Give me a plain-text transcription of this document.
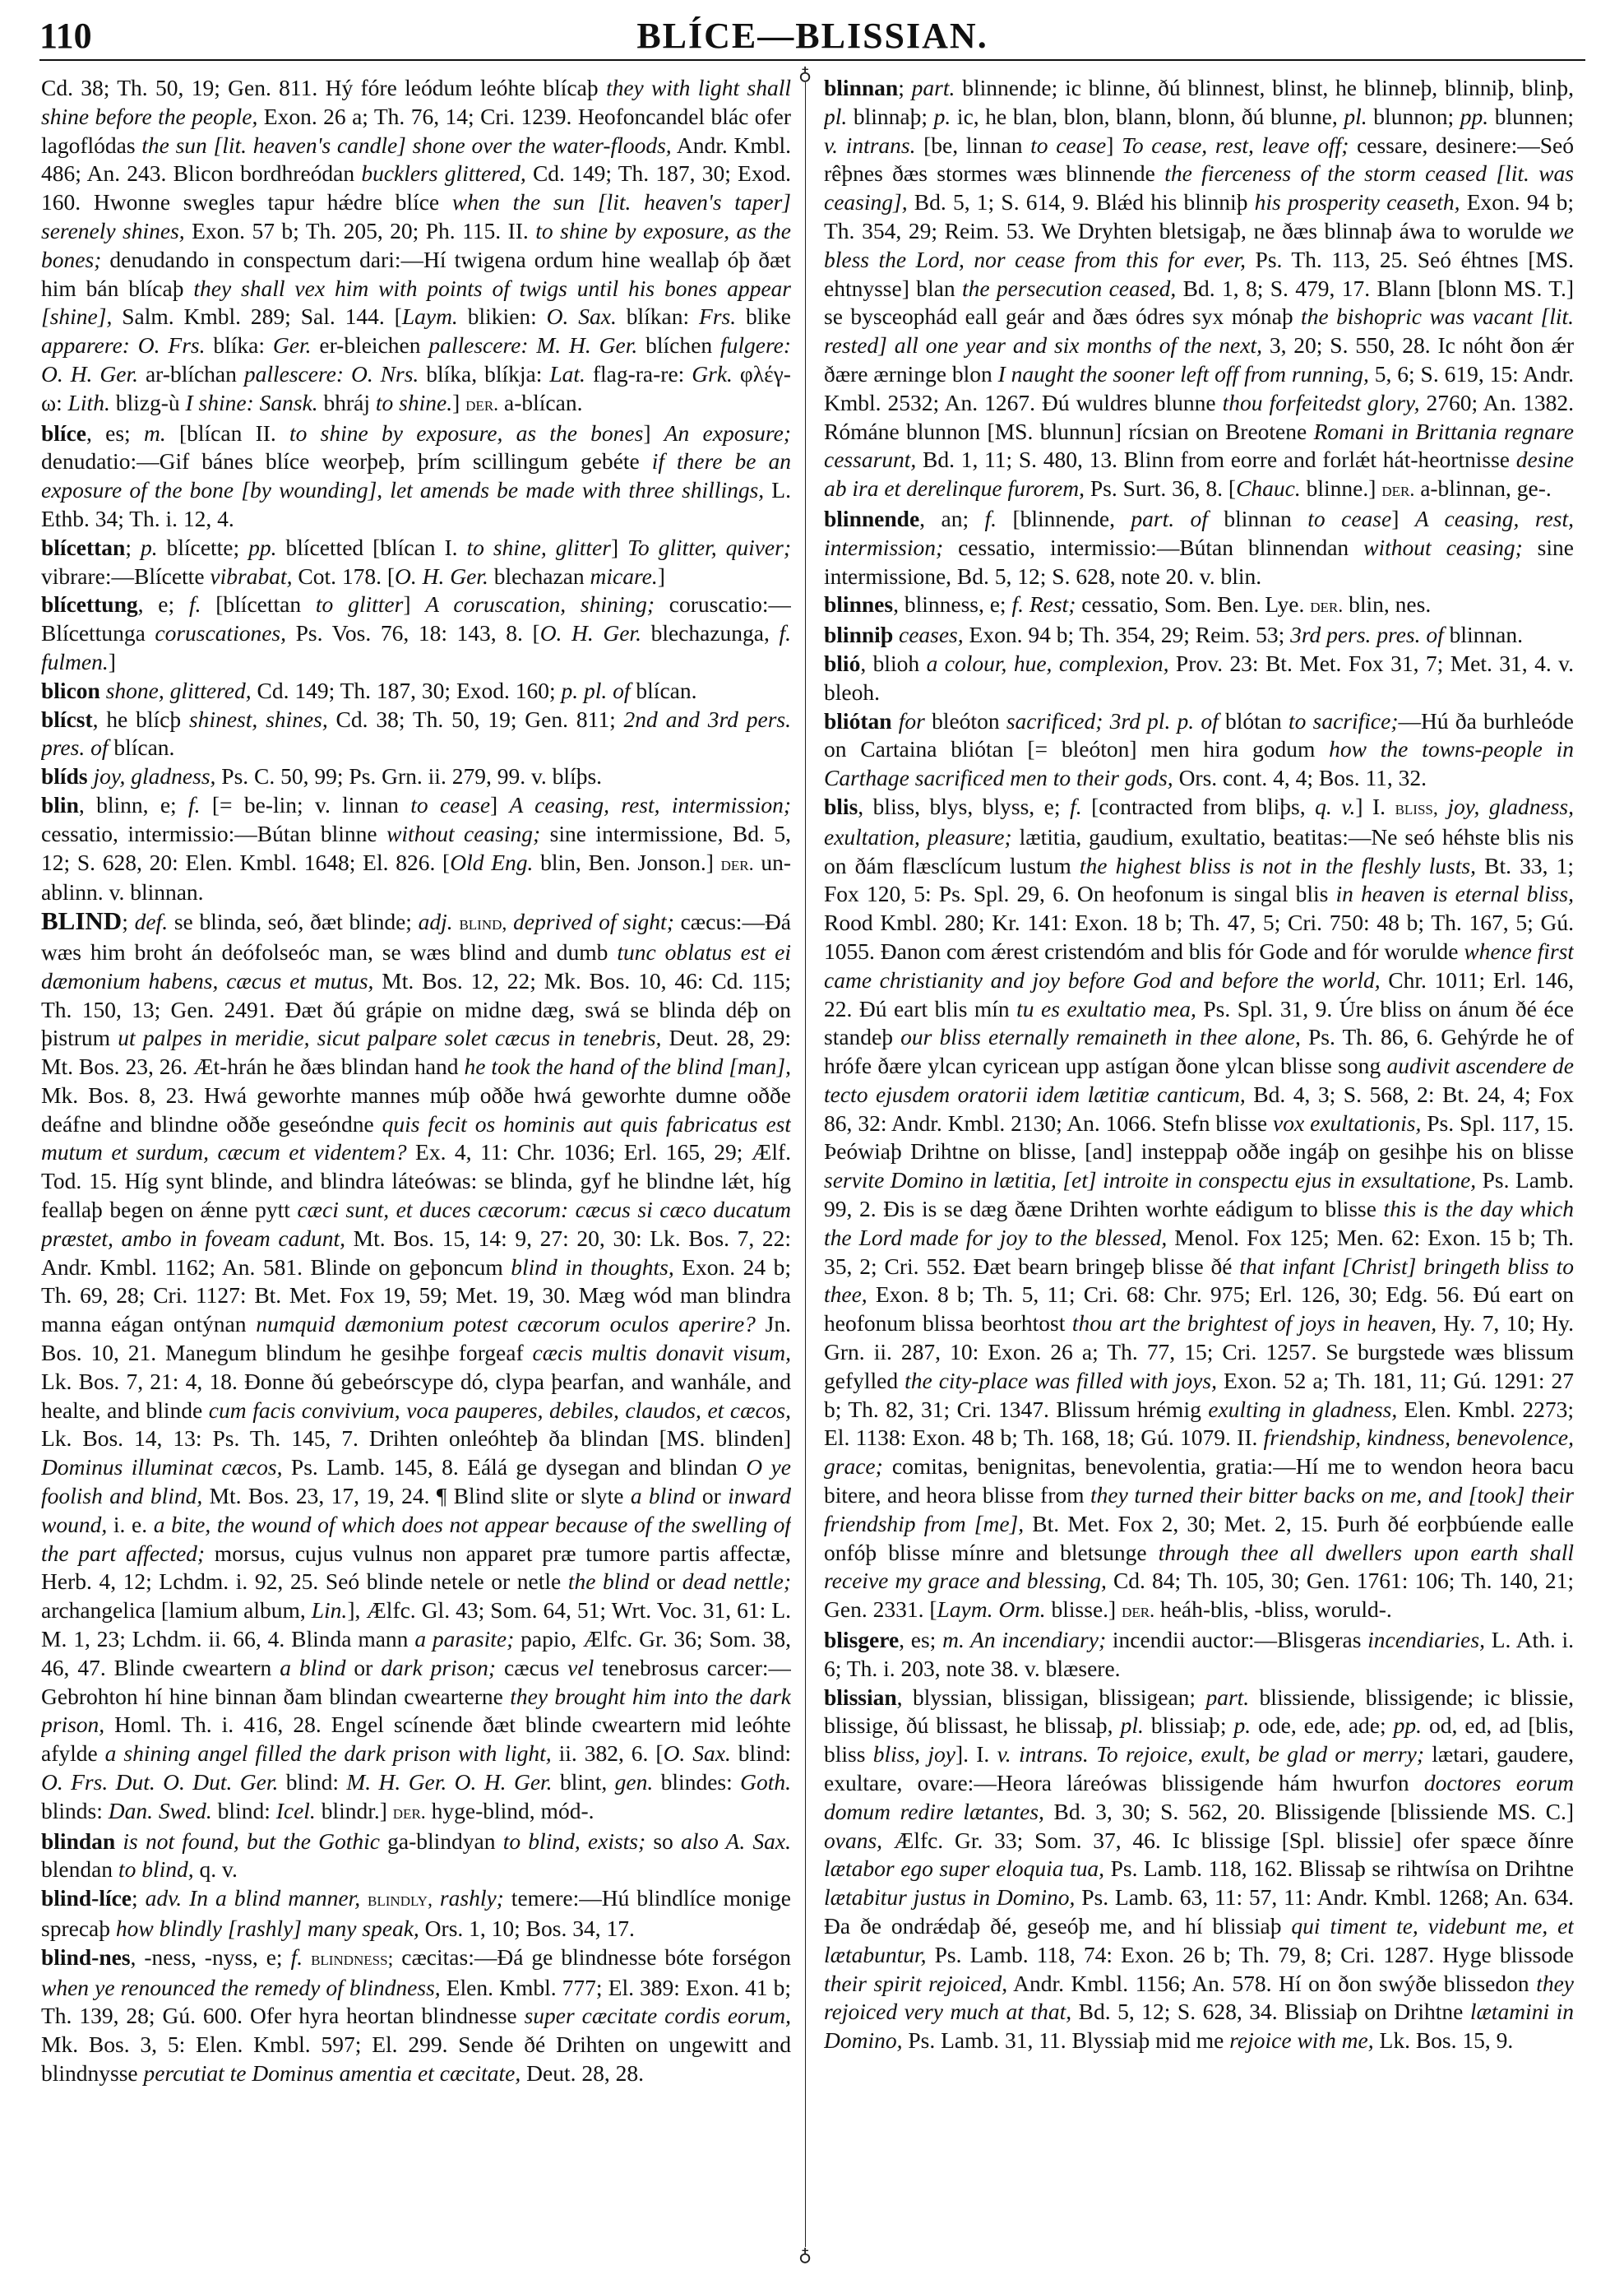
110	BLÍCE—BLISSIAN.
♁
♁

Cd. 38; Th. 50, 19; Gen. 811. Hý fóre leódum leóhte blícaþ they with light shall shine before the people, Exon. 26 a; Th. 76, 14; Cri. 1239. Heofoncandel blác ofer lagoflódas the sun [lit. heaven's candle] shone over the water-floods, Andr. Kmbl. 486; An. 243. Blicon bordhreódan bucklers glittered, Cd. 149; Th. 187, 30; Exod. 160. Hwonne swegles tapur hǽdre blíce when the sun [lit. heaven's taper] serenely shines, Exon. 57 b; Th. 205, 20; Ph. 115. II. to shine by exposure, as the bones; denudando in conspectum dari:—Hí twigena ordum hine weallaþ óþ ðæt him bán blícaþ they shall vex him with points of twigs until his bones appear [shine], Salm. Kmbl. 289; Sal. 144. [Laym. blikien: O. Sax. blíkan: Frs. blike apparere: O. Frs. blíka: Ger. er-bleichen pallescere: M. H. Ger. blíchen fulgere: O. H. Ger. ar-blíchan pallescere: O. Nrs. blíka, blíkja: Lat. flag-ra-re: Grk. φλέγ-ω: Lith. blizg-ù I shine: Sansk. bhráj to shine.] der. a-blícan.

blíce, es; m. [blícan II. to shine by exposure, as the bones] An exposure; denudatio:—Gif bánes blíce weorþeþ, þrím scillingum gebéte if there be an exposure of the bone [by wounding], let amends be made with three shillings, L. Ethb. 34; Th. i. 12, 4.

blícettan; p. blícette; pp. blícetted [blícan I. to shine, glitter] To glitter, quiver; vibrare:—Blícette vibrabat, Cot. 178. [O. H. Ger. blechazan micare.]

blícettung, e; f. [blícettan to glitter] A coruscation, shining; coruscatio:—Blícettunga coruscationes, Ps. Vos. 76, 18: 143, 8. [O. H. Ger. blechazunga, f. fulmen.]

blicon shone, glittered, Cd. 149; Th. 187, 30; Exod. 160; p. pl. of blícan.

blícst, he blícþ shinest, shines, Cd. 38; Th. 50, 19; Gen. 811; 2nd and 3rd pers. pres. of blícan.

blíds joy, gladness, Ps. C. 50, 99; Ps. Grn. ii. 279, 99. v. blíþs.

blin, blinn, e; f. [= be-lin; v. linnan to cease] A ceasing, rest, intermission; cessatio, intermissio:—Bútan blinne without ceasing; sine intermissione, Bd. 5, 12; S. 628, 20: Elen. Kmbl. 1648; El. 826. [Old Eng. blin, Ben. Jonson.] der. un-ablinn. v. blinnan.

BLIND; def. se blinda, seó, ðæt blinde; adj. blind, deprived of sight; cæcus:—Ðá wæs him broht án deófolseóc man, se wæs blind and dumb tunc oblatus est ei dæmonium habens, cæcus et mutus, Mt. Bos. 12, 22; Mk. Bos. 10, 46: Cd. 115; Th. 150, 13; Gen. 2491. Ðæt ðú grápie on midne dæg, swá se blinda déþ on þistrum ut palpes in meridie, sicut palpare solet cæcus in tenebris, Deut. 28, 29: Mt. Bos. 23, 26. Æt-hrán he ðæs blindan hand he took the hand of the blind [man], Mk. Bos. 8, 23. Hwá geworhte mannes múþ oððe hwá geworhte dumne oððe deáfne and blindne oððe geseóndne quis fecit os hominis aut quis fabricatus est mutum et surdum, cæcum et videntem? Ex. 4, 11: Chr. 1036; Erl. 165, 29; Ælf. Tod. 15. Híg synt blinde, and blindra láteówas: se blinda, gyf he blindne lǽt, híg feallaþ begen on ǽnne pytt cæci sunt, et duces cæcorum: cæcus si cæco ducatum præstet, ambo in foveam cadunt, Mt. Bos. 15, 14: 9, 27: 20, 30: Lk. Bos. 7, 22: Andr. Kmbl. 1162; An. 581. Blinde on geþoncum blind in thoughts, Exon. 24 b; Th. 69, 28; Cri. 1127: Bt. Met. Fox 19, 59; Met. 19, 30. Mæg wód man blindra manna eágan ontýnan numquid dæmonium potest cæcorum oculos aperire? Jn. Bos. 10, 21. Manegum blindum he gesihþe forgeaf cæcis multis donavit visum, Lk. Bos. 7, 21: 4, 18. Ðonne ðú gebeórscype dó, clypa þearfan, and wanhále, and healte, and blinde cum facis convivium, voca pauperes, debiles, claudos, et cæcos, Lk. Bos. 14, 13: Ps. Th. 145, 7. Drihten onleóhteþ ða blindan [MS. blinden] Dominus illuminat cæcos, Ps. Lamb. 145, 8. Eálá ge dysegan and blindan O ye foolish and blind, Mt. Bos. 23, 17, 19, 24. ¶ Blind slite or slyte a blind or inward wound, i. e. a bite, the wound of which does not appear because of the swelling of the part affected; morsus, cujus vulnus non apparet præ tumore partis affectæ, Herb. 4, 12; Lchdm. i. 92, 25. Seó blinde netele or netle the blind or dead nettle; archangelica [lamium album, Lin.], Ælfc. Gl. 43; Som. 64, 51; Wrt. Voc. 31, 61: L. M. 1, 23; Lchdm. ii. 66, 4. Blinda mann a parasite; papio, Ælfc. Gr. 36; Som. 38, 46, 47. Blinde cweartern a blind or dark prison; cæcus vel tenebrosus carcer:—Gebrohton hí hine binnan ðam blindan cwearterne they brought him into the dark prison, Homl. Th. i. 416, 28. Engel scínende ðæt blinde cweartern mid leóhte afylde a shining angel filled the dark prison with light, ii. 382, 6. [O. Sax. blind: O. Frs. Dut. O. Dut. Ger. blind: M. H. Ger. O. H. Ger. blint, gen. blindes: Goth. blinds: Dan. Swed. blind: Icel. blindr.] der. hyge-blind, mód-.

blindan is not found, but the Gothic ga-blindyan to blind, exists; so also A. Sax. blendan to blind, q. v.

blind-líce; adv. In a blind manner, blindly, rashly; temere:—Hú blindlíce monige sprecaþ how blindly [rashly] many speak, Ors. 1, 10; Bos. 34, 17.

blind-nes, -ness, -nyss, e; f. blindness; cæcitas:—Ðá ge blindnesse bóte forségon when ye renounced the remedy of blindness, Elen. Kmbl. 777; El. 389: Exon. 41 b; Th. 139, 28; Gú. 600. Ofer hyra heortan blindnesse super cæcitate cordis eorum, Mk. Bos. 3, 5: Elen. Kmbl. 597; El. 299. Sende ðé Drihten on ungewitt and blindnysse percutiat te Dominus amentia et cæcitate, Deut. 28, 28.

blinnan; part. blinnende; ic blinne, ðú blinnest, blinst, he blinneþ, blinniþ, blinþ, pl. blinnaþ; p. ic, he blan, blon, blann, blonn, ðú blunne, pl. blunnon; pp. blunnen; v. intrans. [be, linnan to cease] To cease, rest, leave off; cessare, desinere:—Seó rêþnes ðæs stormes wæs blinnende the fierceness of the storm ceased [lit. was ceasing], Bd. 5, 1; S. 614, 9. Blǽd his blinniþ his prosperity ceaseth, Exon. 94 b; Th. 354, 29; Reim. 53. We Dryhten bletsigaþ, ne ðæs blinnaþ áwa to worulde we bless the Lord, nor cease from this for ever, Ps. Th. 113, 25. Seó éhtnes [MS. ehtnysse] blan the persecution ceased, Bd. 1, 8; S. 479, 17. Blann [blonn MS. T.] se bysceophád eall geár and ðæs ódres syx mónaþ the bishopric was vacant [lit. rested] all one year and six months of the next, 3, 20; S. 550, 28. Ic nóht ðon ǽr ðære ærninge blon I naught the sooner left off from running, 5, 6; S. 619, 15: Andr. Kmbl. 2532; An. 1267. Ðú wuldres blunne thou forfeitedst glory, 2760; An. 1382. Rómáne blunnon [MS. blunnun] rícsian on Breotene Romani in Brittania regnare cessarunt, Bd. 1, 11; S. 480, 13. Blinn from eorre and forlǽt hát-heortnisse desine ab ira et derelinque furorem, Ps. Surt. 36, 8. [Chauc. blinne.] der. a-blinnan, ge-.

blinnende, an; f. [blinnende, part. of blinnan to cease] A ceasing, rest, intermission; cessatio, intermissio:—Bútan blinnendan without ceasing; sine intermissione, Bd. 5, 12; S. 628, note 20. v. blin.

blinnes, blinness, e; f. Rest; cessatio, Som. Ben. Lye. der. blin, nes.

blinniþ ceases, Exon. 94 b; Th. 354, 29; Reim. 53; 3rd pers. pres. of blinnan.

blió, blioh a colour, hue, complexion, Prov. 23: Bt. Met. Fox 31, 7; Met. 31, 4. v. bleoh.

bliótan for bleóton sacrificed; 3rd pl. p. of blótan to sacrifice;—Hú ða burhleóde on Cartaina bliótan [= bleóton] men hira godum how the towns-people in Carthage sacrificed men to their gods, Ors. cont. 4, 4; Bos. 11, 32.

blis, bliss, blys, blyss, e; f. [contracted from bliþs, q. v.] I. bliss, joy, gladness, exultation, pleasure; lætitia, gaudium, exultatio, beatitas:—Ne seó héhste blis nis on ðám flæsclícum lustum the highest bliss is not in the fleshly lusts, Bt. 33, 1; Fox 120, 5: Ps. Spl. 29, 6. On heofonum is singal blis in heaven is eternal bliss, Rood Kmbl. 280; Kr. 141: Exon. 18 b; Th. 47, 5; Cri. 750: 48 b; Th. 167, 5; Gú. 1055. Ðanon com ǽrest cristendóm and blis fór Gode and fór worulde whence first came christianity and joy before God and before the world, Chr. 1011; Erl. 146, 22. Ðú eart blis mín tu es exultatio mea, Ps. Spl. 31, 9. Úre bliss on ánum ðé éce standeþ our bliss eternally remaineth in thee alone, Ps. Th. 86, 6. Gehýrde he of hrófe ðære ylcan cyricean upp astígan ðone ylcan blisse song audivit ascendere de tecto ejusdem oratorii idem lætitiæ canticum, Bd. 4, 3; S. 568, 2: Bt. 24, 4; Fox 86, 32: Andr. Kmbl. 2130; An. 1066. Stefn blisse vox exultationis, Ps. Spl. 117, 15. Þeówiaþ Drihtne on blisse, [and] insteppaþ oððe ingáþ on gesihþe his on blisse servite Domino in lætitia, [et] introite in conspectu ejus in exsultatione, Ps. Lamb. 99, 2. Ðis is se dæg ðæne Drihten worhte eádigum to blisse this is the day which the Lord made for joy to the blessed, Menol. Fox 125; Men. 62: Exon. 15 b; Th. 35, 2; Cri. 552. Ðæt bearn bringeþ blisse ðé that infant [Christ] bringeth bliss to thee, Exon. 8 b; Th. 5, 11; Cri. 68: Chr. 975; Erl. 126, 30; Edg. 56. Ðú eart on heofonum blissa beorhtost thou art the brightest of joys in heaven, Hy. 7, 10; Hy. Grn. ii. 287, 10: Exon. 26 a; Th. 77, 15; Cri. 1257. Se burgstede wæs blissum gefylled the city-place was filled with joys, Exon. 52 a; Th. 181, 11; Gú. 1291: 27 b; Th. 82, 31; Cri. 1347. Blissum hrémig exulting in gladness, Elen. Kmbl. 2273; El. 1138: Exon. 48 b; Th. 168, 18; Gú. 1079. II. friendship, kindness, benevolence, grace; comitas, benignitas, benevolentia, gratia:—Hí me to wendon heora bacu bitere, and heora blisse from they turned their bitter backs on me, and [took] their friendship from [me], Bt. Met. Fox 2, 30; Met. 2, 15. Þurh ðé eorþbúende ealle onfóþ blisse mínre and bletsunge through thee all dwellers upon earth shall receive my grace and blessing, Cd. 84; Th. 105, 30; Gen. 1761: 106; Th. 140, 21; Gen. 2331. [Laym. Orm. blisse.] der. heáh-blis, -bliss, woruld-.

blisgere, es; m. An incendiary; incendii auctor:—Blisgeras incendiaries, L. Ath. i. 6; Th. i. 203, note 38. v. blæsere.

blissian, blyssian, blissigan, blissigean; part. blissiende, blissigende; ic blissie, blissige, ðú blissast, he blissaþ, pl. blissiaþ; p. ode, ede, ade; pp. od, ed, ad [blis, bliss bliss, joy]. I. v. intrans. To rejoice, exult, be glad or merry; lætari, gaudere, exultare, ovare:—Heora láreówas blissigende hám hwurfon doctores eorum domum redire lætantes, Bd. 3, 30; S. 562, 20. Blissigende [blissiende MS. C.] ovans, Ælfc. Gr. 33; Som. 37, 46. Ic blissige [Spl. blissie] ofer spæce ðínre lætabor ego super eloquia tua, Ps. Lamb. 118, 162. Blissaþ se rihtwísa on Drihtne lætabitur justus in Domino, Ps. Lamb. 63, 11: 57, 11: Andr. Kmbl. 1268; An. 634. Ða ðe ondrǽdaþ ðé, geseóþ me, and hí blissiaþ qui timent te, videbunt me, et lætabuntur, Ps. Lamb. 118, 74: Exon. 26 b; Th. 79, 8; Cri. 1287. Hyge blissode their spirit rejoiced, Andr. Kmbl. 1156; An. 578. Hí on ðon swýðe blissedon they rejoiced very much at that, Bd. 5, 12; S. 628, 34. Blissiaþ on Drihtne lætamini in Domino, Ps. Lamb. 31, 11. Blyssiaþ mid me rejoice with me, Lk. Bos. 15, 9.
